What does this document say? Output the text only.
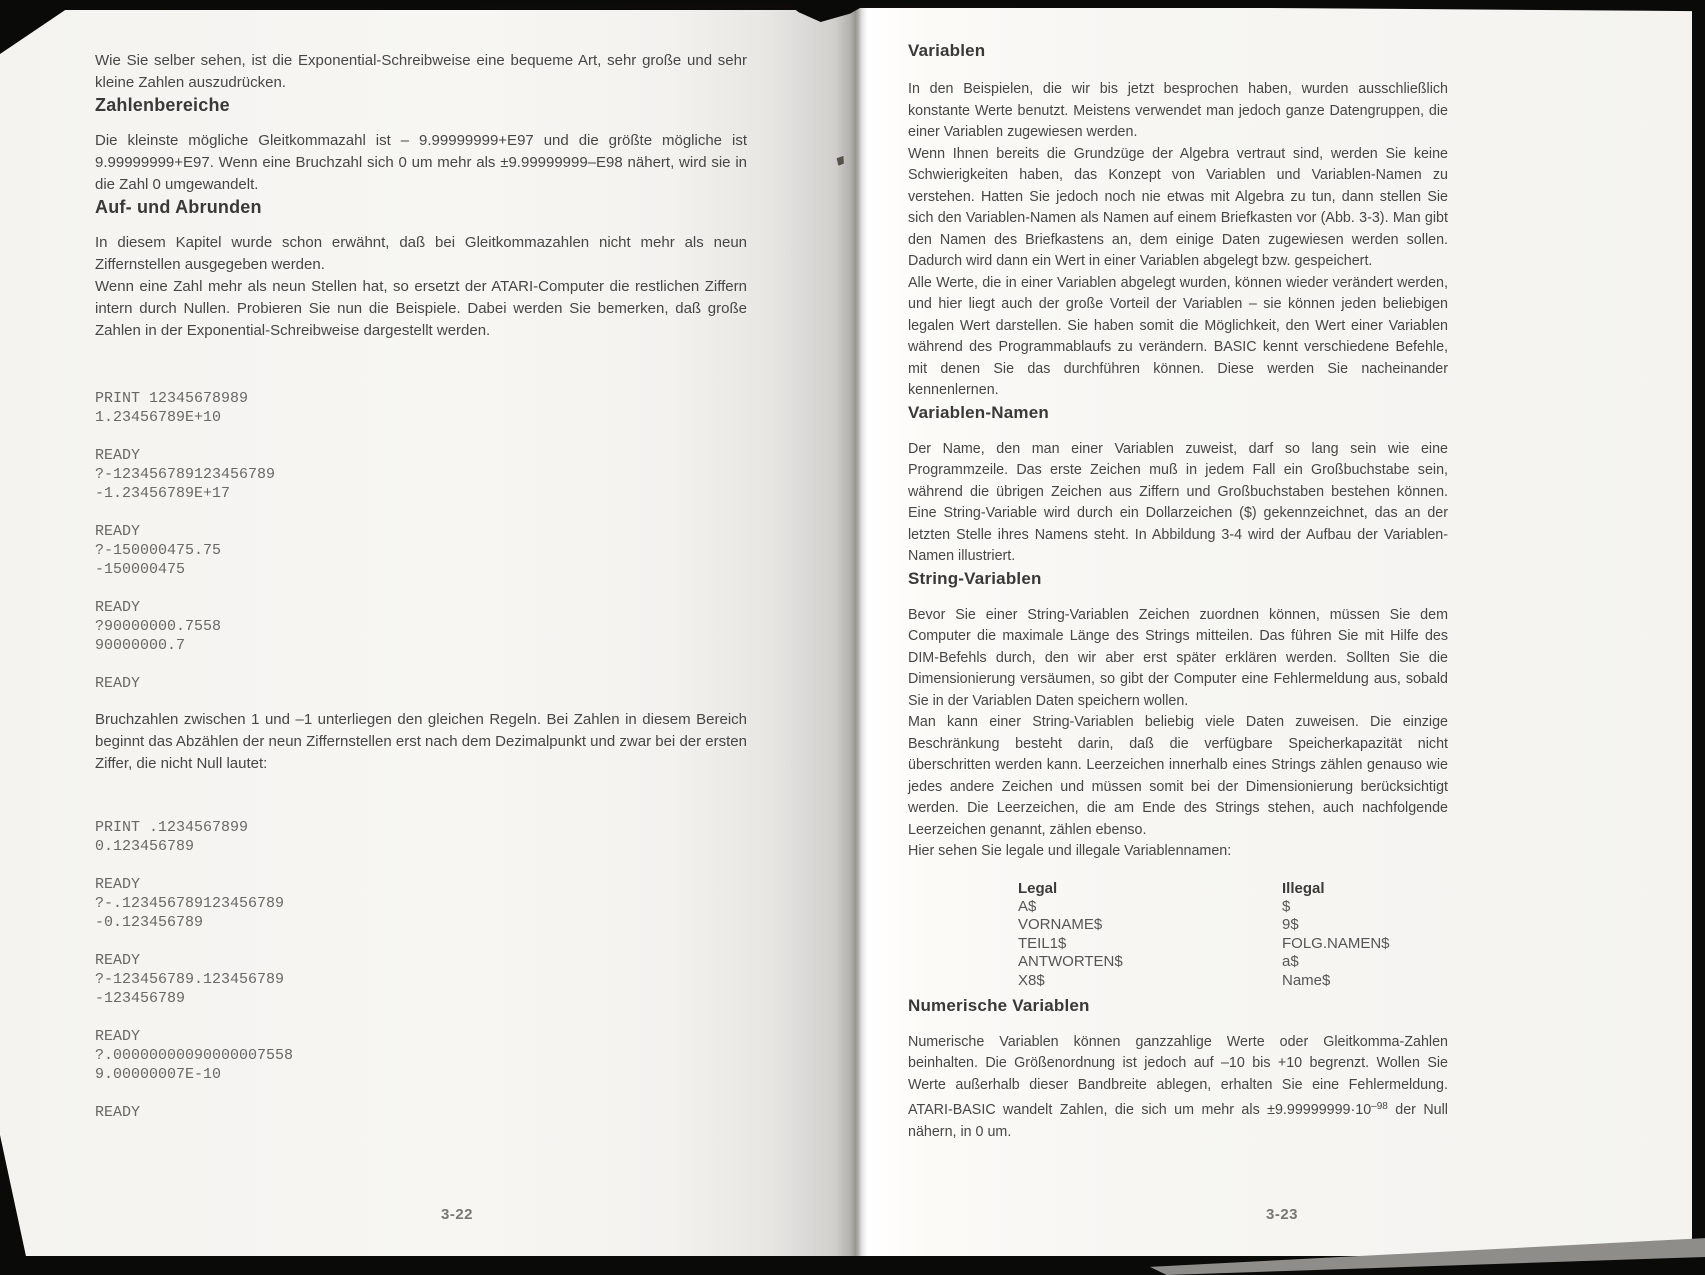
Wie Sie selber sehen, ist die Exponential-Schreibweise eine bequeme Art, sehr große und sehr kleine Zahlen auszudrücken.

Zahlenbereiche

Die kleinste mögliche Gleitkommazahl ist – 9.99999999+E97 und die größte mögliche ist 9.99999999+E97. Wenn eine Bruchzahl sich 0 um mehr als ±9.99999999–E98 nähert, wird sie in die Zahl 0 umgewandelt.

Auf- und Abrunden

In diesem Kapitel wurde schon erwähnt, daß bei Gleitkommazahlen nicht mehr als neun Ziffernstellen ausgegeben werden.

Wenn eine Zahl mehr als neun Stellen hat, so ersetzt der ATARI-Computer die restlichen Ziffern intern durch Nullen. Probieren Sie nun die Beispiele. Dabei werden Sie bemerken, daß große Zahlen in der Exponential-Schreibweise dargestellt werden.

PRINT 12345678989
1.23456789E+10
READY
?-123456789123456789
-1.23456789E+17
READY
?-150000475.75
-150000475
READY
?90000000.7558
90000000.7
READY

Bruchzahlen zwischen 1 und –1 unterliegen den gleichen Regeln. Bei Zahlen in diesem Bereich beginnt das Abzählen der neun Ziffernstellen erst nach dem Dezimalpunkt und zwar bei der ersten Ziffer, die nicht Null lautet:

PRINT .1234567899
0.123456789
READY
?-.123456789123456789
-0.123456789
READY
?-123456789.123456789
-123456789
READY
?.00000000090000007558
9.00000007E-10
READY
3-22
Variablen

In den Beispielen, die wir bis jetzt besprochen haben, wurden ausschließlich konstante Werte benutzt. Meistens verwendet man jedoch ganze Datengruppen, die einer Variablen zugewiesen werden.

Wenn Ihnen bereits die Grundzüge der Algebra vertraut sind, werden Sie keine Schwierigkeiten haben, das Konzept von Variablen und Variablen-Namen zu verstehen. Hatten Sie jedoch noch nie etwas mit Algebra zu tun, dann stellen Sie sich den Variablen-Namen als Namen auf einem Briefkasten vor (Abb. 3-3). Man gibt den Namen des Briefkastens an, dem einige Daten zugewiesen werden sollen. Dadurch wird dann ein Wert in einer Variablen abgelegt bzw. gespeichert.

Alle Werte, die in einer Variablen abgelegt wurden, können wieder verändert werden, und hier liegt auch der große Vorteil der Variablen – sie können jeden beliebigen legalen Wert darstellen. Sie haben somit die Möglichkeit, den Wert einer Variablen während des Programmablaufs zu verändern. BASIC kennt verschiedene Befehle, mit denen Sie das durchführen können. Diese werden Sie nacheinander kennenlernen.

Variablen-Namen

Der Name, den man einer Variablen zuweist, darf so lang sein wie eine Programmzeile. Das erste Zeichen muß in jedem Fall ein Großbuchstabe sein, während die übrigen Zeichen aus Ziffern und Großbuchstaben bestehen können. Eine String-Variable wird durch ein Dollarzeichen ($) gekennzeichnet, das an der letzten Stelle ihres Namens steht. In Abbildung 3-4 wird der Aufbau der Variablen-Namen illustriert.

String-Variablen

Bevor Sie einer String-Variablen Zeichen zuordnen können, müssen Sie dem Computer die maximale Länge des Strings mitteilen. Das führen Sie mit Hilfe des DIM-Befehls durch, den wir aber erst später erklären werden. Sollten Sie die Dimensionierung versäumen, so gibt der Computer eine Fehlermeldung aus, sobald Sie in der Variablen Daten speichern wollen.

Man kann einer String-Variablen beliebig viele Daten zuweisen. Die einzige Beschränkung besteht darin, daß die verfügbare Speicherkapazität nicht überschritten werden kann. Leerzeichen innerhalb eines Strings zählen genauso wie jedes andere Zeichen und müssen somit bei der Dimensionierung berücksichtigt werden. Die Leerzeichen, die am Ende des Strings stehen, auch nachfolgende Leerzeichen genannt, zählen ebenso.

Hier sehen Sie legale und illegale Variablennamen:

Legal
A$
VORNAME$
TEIL1$
ANTWORTEN$
X8$
Illegal
$
9$
FOLG.NAMEN$
a$
Name$
Numerische Variablen

Numerische Variablen können ganzzahlige Werte oder Gleitkomma-Zahlen beinhalten. Die Größenordnung ist jedoch auf –10 bis +10 begrenzt. Wollen Sie Werte außerhalb dieser Bandbreite ablegen, erhalten Sie eine Fehlermeldung. ATARI-BASIC wandelt Zahlen, die sich um mehr als $\pm 9.99999999\cdot 10^{-98}$ der Null nähern, in 0 um.

3-23
